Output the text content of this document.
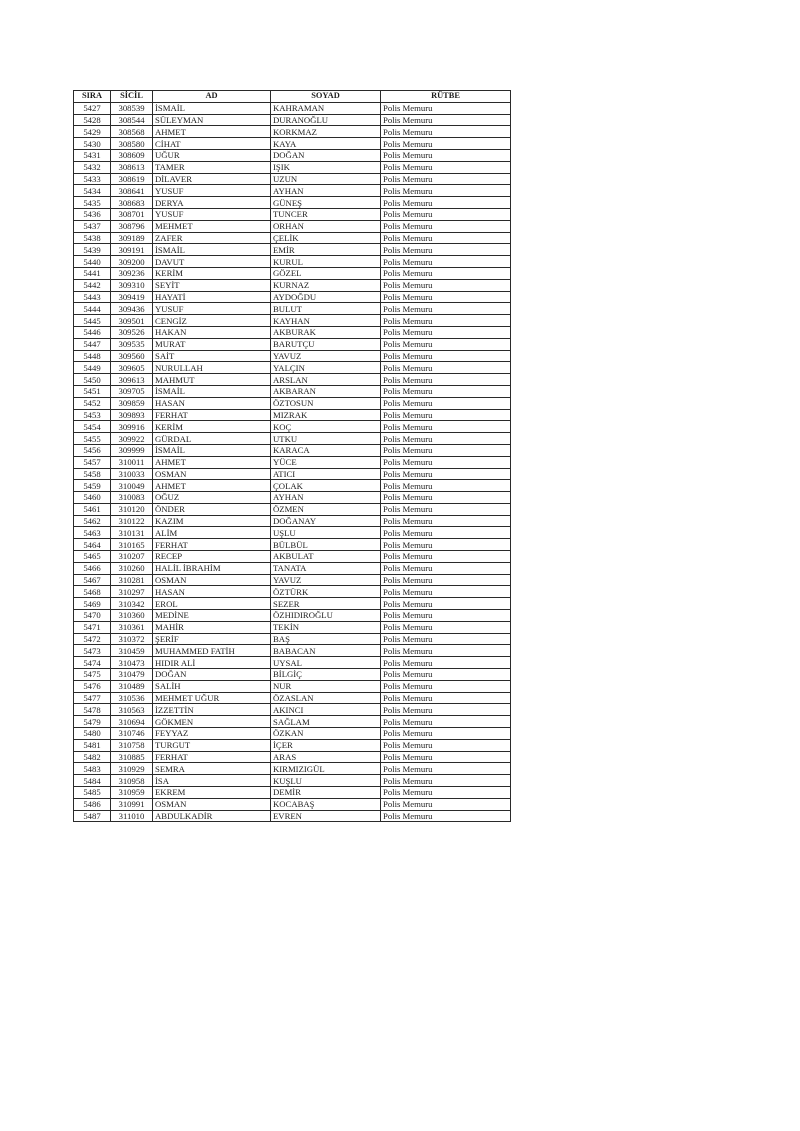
SIRA	SİCİL	AD	SOYAD	RÜTBE
5427	308539	İSMAİL	KAHRAMAN	Polis Memuru
5428	308544	SÜLEYMAN	DURANOĞLU	Polis Memuru
5429	308568	AHMET	KORKMAZ	Polis Memuru
5430	308580	CİHAT	KAYA	Polis Memuru
5431	308609	UĞUR	DOĞAN	Polis Memuru
5432	308613	TAMER	IŞIK	Polis Memuru
5433	308619	DİLAVER	UZUN	Polis Memuru
5434	308641	YUSUF	AYHAN	Polis Memuru
5435	308683	DERYA	GÜNEŞ	Polis Memuru
5436	308701	YUSUF	TUNCER	Polis Memuru
5437	308796	MEHMET	ORHAN	Polis Memuru
5438	309189	ZAFER	ÇELİK	Polis Memuru
5439	309191	İSMAİL	EMİR	Polis Memuru
5440	309200	DAVUT	KURUL	Polis Memuru
5441	309236	KERİM	GÖZEL	Polis Memuru
5442	309310	SEYİT	KURNAZ	Polis Memuru
5443	309419	HAYATİ	AYDOĞDU	Polis Memuru
5444	309436	YUSUF	BULUT	Polis Memuru
5445	309501	CENGİZ	KAYHAN	Polis Memuru
5446	309526	HAKAN	AKBURAK	Polis Memuru
5447	309535	MURAT	BARUTÇU	Polis Memuru
5448	309560	SAİT	YAVUZ	Polis Memuru
5449	309605	NURULLAH	YALÇIN	Polis Memuru
5450	309613	MAHMUT	ARSLAN	Polis Memuru
5451	309705	İSMAİL	AKBARAN	Polis Memuru
5452	309859	HASAN	ÖZTOSUN	Polis Memuru
5453	309893	FERHAT	MIZRAK	Polis Memuru
5454	309916	KERİM	KOÇ	Polis Memuru
5455	309922	GÜRDAL	UTKU	Polis Memuru
5456	309999	İSMAİL	KARACA	Polis Memuru
5457	310011	AHMET	YÜCE	Polis Memuru
5458	310033	OSMAN	ATICI	Polis Memuru
5459	310049	AHMET	ÇOLAK	Polis Memuru
5460	310083	OĞUZ	AYHAN	Polis Memuru
5461	310120	ÖNDER	ÖZMEN	Polis Memuru
5462	310122	KAZIM	DOĞANAY	Polis Memuru
5463	310131	ALİM	UŞLU	Polis Memuru
5464	310165	FERHAT	BÜLBÜL	Polis Memuru
5465	310207	RECEP	AKBULAT	Polis Memuru
5466	310260	HALİL İBRAHİM	TANATA	Polis Memuru
5467	310281	OSMAN	YAVUZ	Polis Memuru
5468	310297	HASAN	ÖZTÜRK	Polis Memuru
5469	310342	EROL	SEZER	Polis Memuru
5470	310360	MEDİNE	ÖZHIDIROĞLU	Polis Memuru
5471	310361	MAHİR	TEKİN	Polis Memuru
5472	310372	ŞERİF	BAŞ	Polis Memuru
5473	310459	MUHAMMED FATİH	BABACAN	Polis Memuru
5474	310473	HIDIR ALİ	UYSAL	Polis Memuru
5475	310479	DOĞAN	BİLGİÇ	Polis Memuru
5476	310489	SALİH	NUR	Polis Memuru
5477	310536	MEHMET UĞUR	ÖZASLAN	Polis Memuru
5478	310563	İZZETTİN	AKINCI	Polis Memuru
5479	310694	GÖKMEN	SAĞLAM	Polis Memuru
5480	310746	FEYYAZ	ÖZKAN	Polis Memuru
5481	310758	TURGUT	İÇER	Polis Memuru
5482	310885	FERHAT	ARAS	Polis Memuru
5483	310929	SEMRA	KIRMIZIGÜL	Polis Memuru
5484	310958	İSA	KUŞLU	Polis Memuru
5485	310959	EKREM	DEMİR	Polis Memuru
5486	310991	OSMAN	KOCABAŞ	Polis Memuru
5487	311010	ABDULKADİR	EVREN	Polis Memuru
